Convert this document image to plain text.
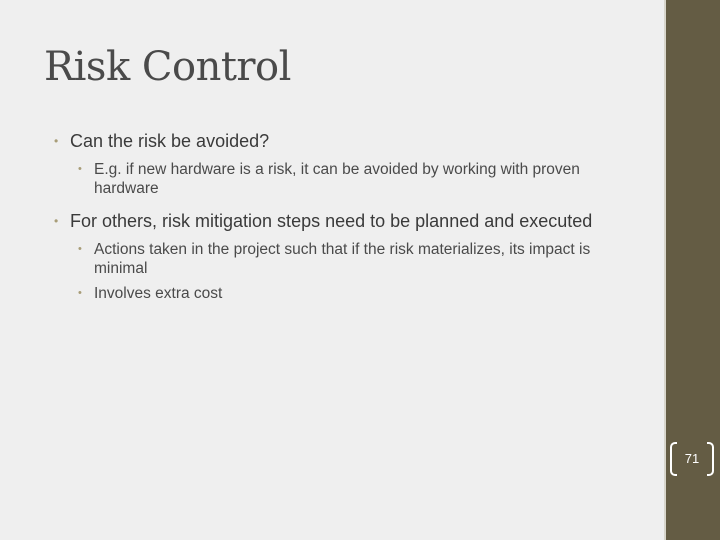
Risk Control
• Can the risk be avoided?
• E.g. if new hardware is a risk, it can be avoided by working with proven hardware
• For others, risk mitigation steps need to be planned and executed
• Actions taken in the project such that if the risk materializes, its impact is minimal
• Involves extra cost
71
